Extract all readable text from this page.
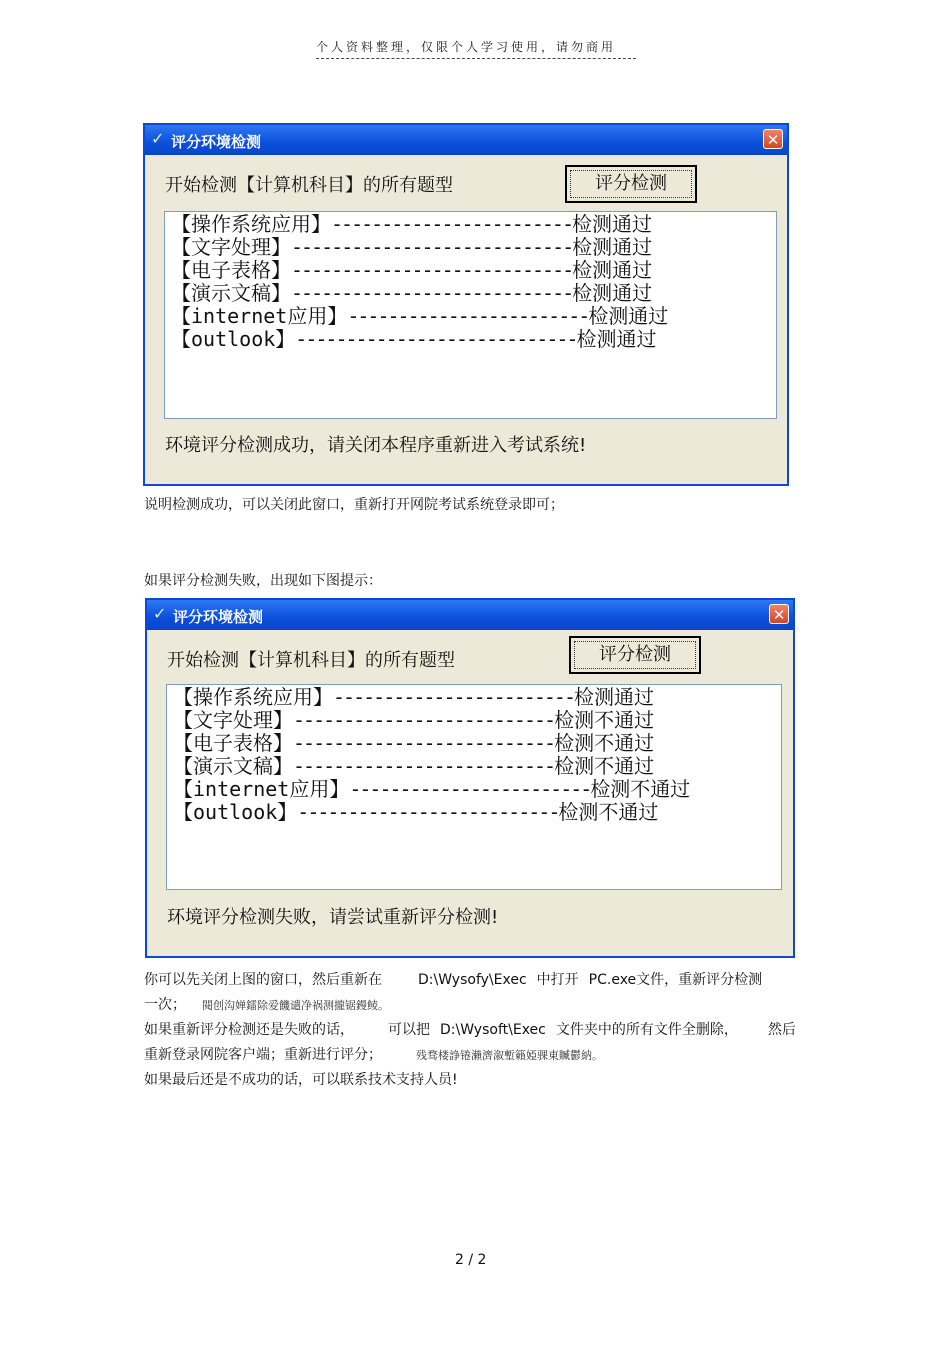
个人资料整理，仅限个人学习使用，请勿商用
✓ 评分环境检测	✕
开始检测【计算机科目】的所有题型	评分检测
【操作系统应用】------------------------检测通过
【文字处理】----------------------------检测通过
【电子表格】----------------------------检测通过
【演示文稿】----------------------------检测通过
【internet应用】------------------------检测通过
【outlook】----------------------------检测通过
环境评分检测成功，请关闭本程序重新进入考试系统!
说明检测成功，可以关闭此窗口，重新打开网院考试系统登录即可；
如果评分检测失败，出现如下图提示：
✓ 评分环境检测	✕
开始检测【计算机科目】的所有题型	评分检测
【操作系统应用】------------------------检测通过
【文字处理】--------------------------检测不通过
【电子表格】--------------------------检测不通过
【演示文稿】--------------------------检测不通过
【internet应用】------------------------检测不通过
【outlook】--------------------------检测不通过
环境评分检测失败，请尝试重新评分检测!
你可以先关闭上图的窗口，然后重新在	D:\Wysofy\Exec 中打开 PC.exe文件，重新评分检测
一次； 閱创沟婵鐳除爱饑谴净祸测攏锯鏝鲮。
如果重新评分检测还是失败的话， 可以把 D:\Wysoft\Exec 文件夹中的所有文件全删除， 然后
重新登录网院客户端；重新进行评分；	残骛楼諍锩瀨濟溆塹籟婭骒東贓鬱納。
如果最后还是不成功的话，可以联系技术支持人员!
2 / 2
